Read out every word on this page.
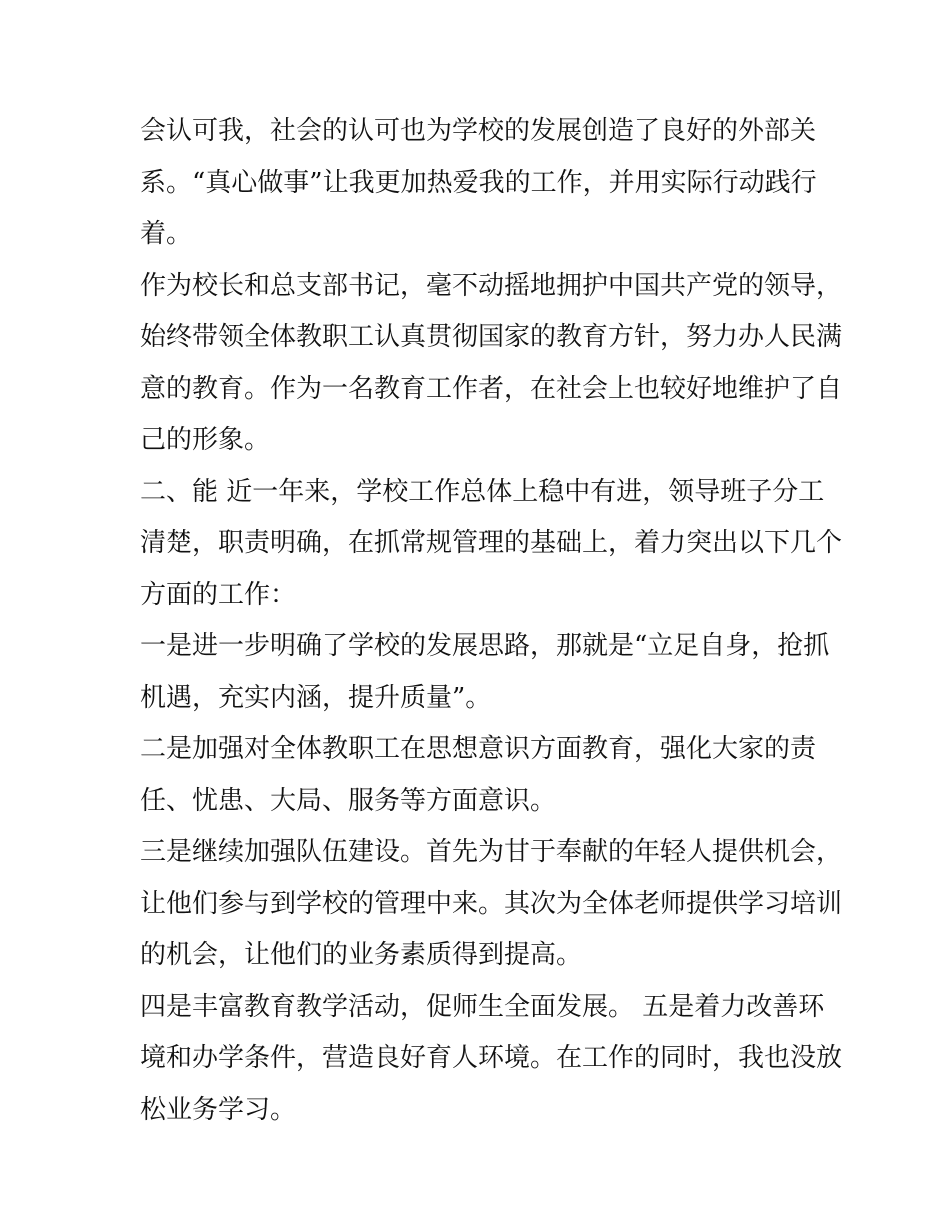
会认可我，社会的认可也为学校的发展创造了良好的外部关
系。“真心做事”让我更加热爱我的工作，并用实际行动践行
着。
作为校长和总支部书记，毫不动摇地拥护中国共产党的领导，
始终带领全体教职工认真贯彻国家的教育方针，努力办人民满
意的教育。作为一名教育工作者，在社会上也较好地维护了自
己的形象。
二、能 近一年来，学校工作总体上稳中有进，领导班子分工
清楚，职责明确，在抓常规管理的基础上，着力突出以下几个
方面的工作：
一是进一步明确了学校的发展思路，那就是“立足自身，抢抓
机遇，充实内涵，提升质量”。
二是加强对全体教职工在思想意识方面教育，强化大家的责
任、忧患、大局、服务等方面意识。
三是继续加强队伍建设。首先为甘于奉献的年轻人提供机会，
让他们参与到学校的管理中来。其次为全体老师提供学习培训
的机会，让他们的业务素质得到提高。
四是丰富教育教学活动，促师生全面发展。 五是着力改善环
境和办学条件，营造良好育人环境。在工作的同时，我也没放
松业务学习。
